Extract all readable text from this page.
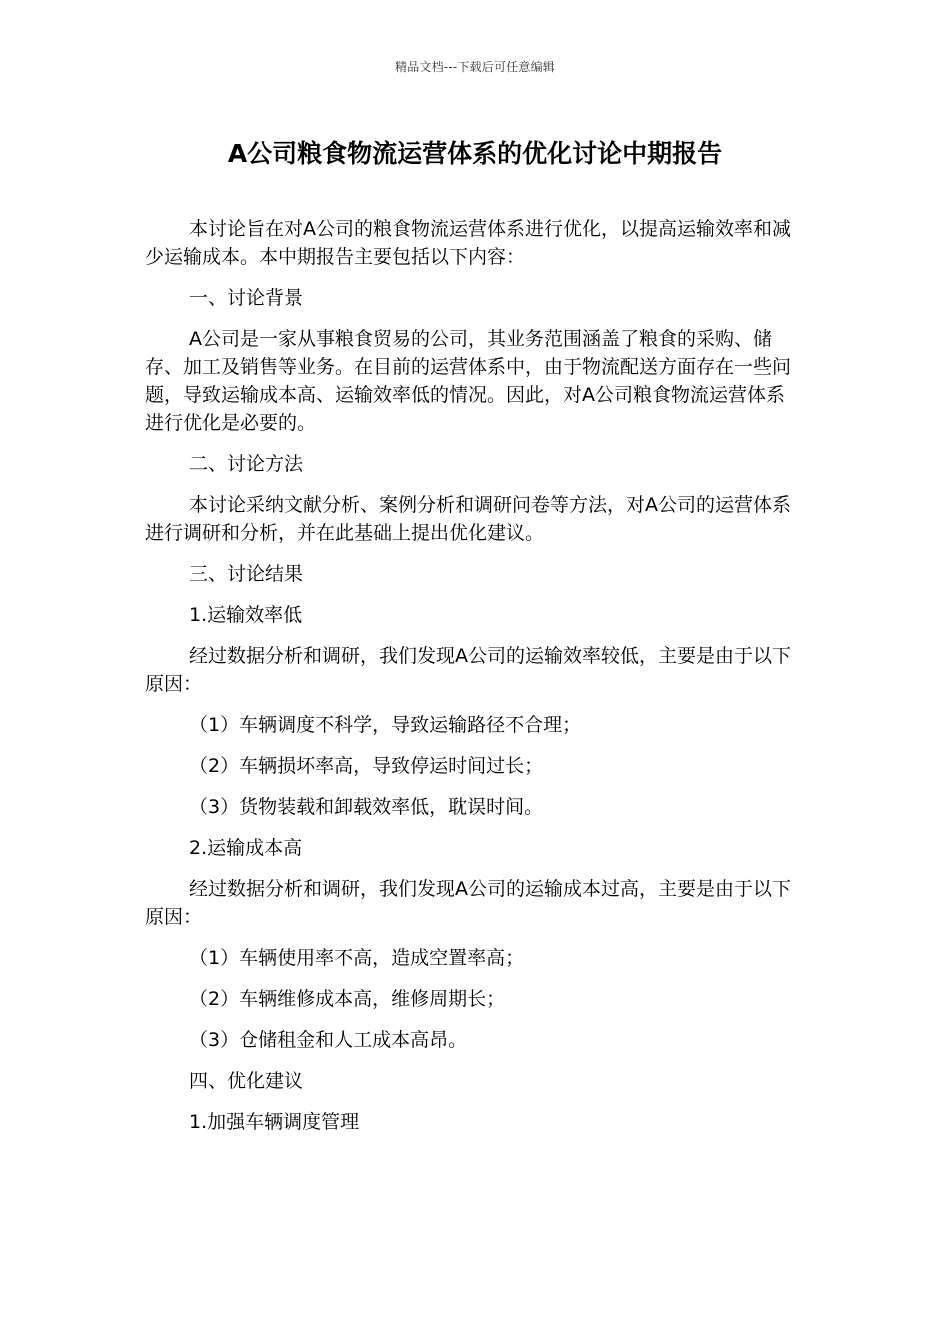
精品文档---下载后可任意编辑
A公司粮食物流运营体系的优化讨论中期报告

本讨论旨在对A公司的粮食物流运营体系进行优化，以提高运输效率和减少运输成本。本中期报告主要包括以下内容：

一、讨论背景

A公司是一家从事粮食贸易的公司，其业务范围涵盖了粮食的采购、储存、加工及销售等业务。在目前的运营体系中，由于物流配送方面存在一些问题，导致运输成本高、运输效率低的情况。因此，对A公司粮食物流运营体系进行优化是必要的。

二、讨论方法

本讨论采纳文献分析、案例分析和调研问卷等方法，对A公司的运营体系进行调研和分析，并在此基础上提出优化建议。

三、讨论结果

1.运输效率低

经过数据分析和调研，我们发现A公司的运输效率较低，主要是由于以下原因：

（1）车辆调度不科学，导致运输路径不合理；

（2）车辆损坏率高，导致停运时间过长；

（3）货物装载和卸载效率低，耽误时间。

2.运输成本高

经过数据分析和调研，我们发现A公司的运输成本过高，主要是由于以下原因：

（1）车辆使用率不高，造成空置率高；

（2）车辆维修成本高，维修周期长；

（3）仓储租金和人工成本高昂。

四、优化建议

1.加强车辆调度管理
